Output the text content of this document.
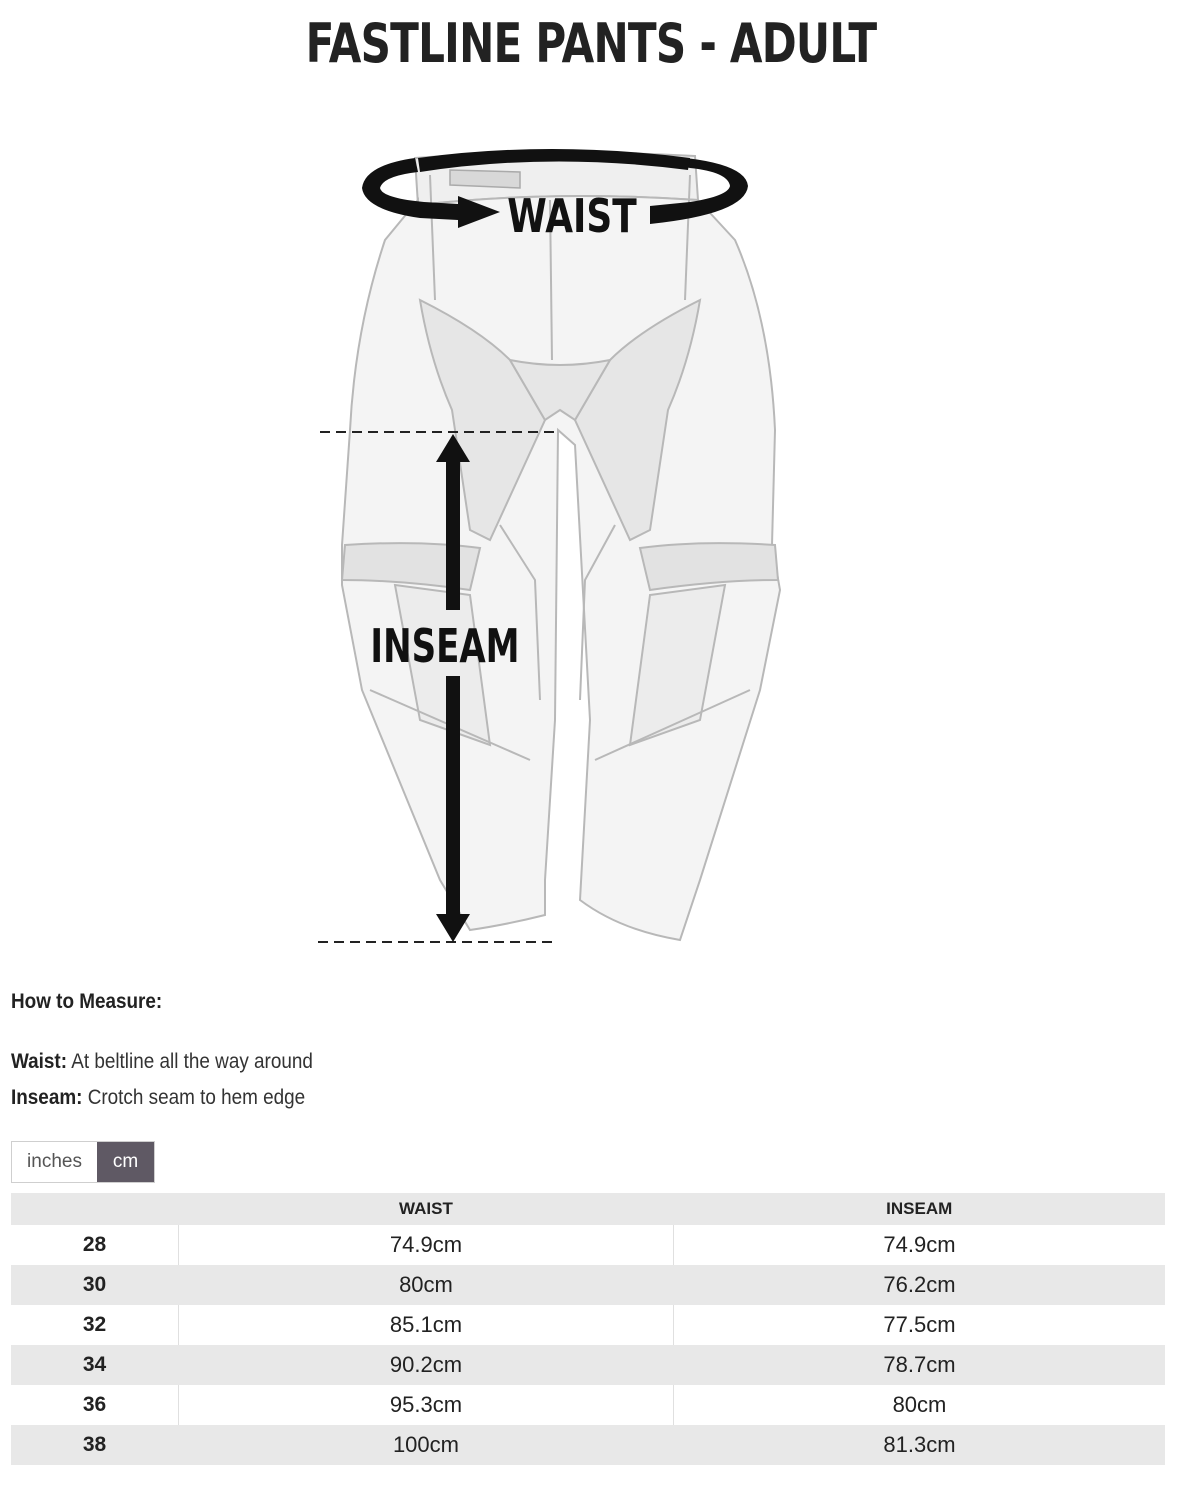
FASTLINE PANTS - ADULT
WAIST
INSEAM
How to Measure:
Waist: At beltline all the way around
Inseam: Crotch seam to hem edge
inches	cm
	WAIST	INSEAM
28	74.9cm	74.9cm
30	80cm	76.2cm
32	85.1cm	77.5cm
34	90.2cm	78.7cm
36	95.3cm	80cm
38	100cm	81.3cm
